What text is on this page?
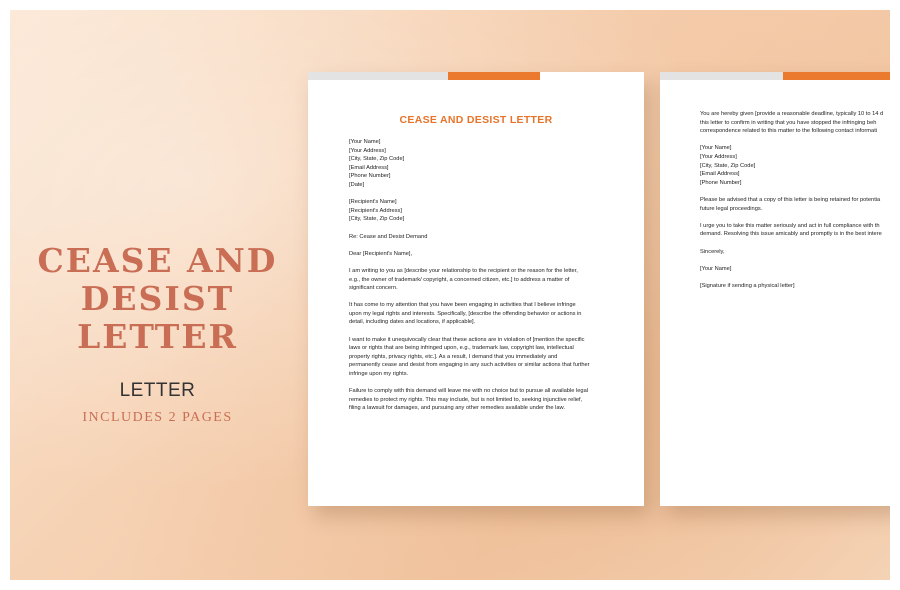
CEASE AND
DESIST LETTER
LETTER
INCLUDES 2 PAGES
CEASE AND DESIST LETTER
[Your Name]
[Your Address]
[City, State, Zip Code]
[Email Address]
[Phone Number]
[Date]
[Recipient's Name]
[Recipient's Address]
[City, State, Zip Code]
Re: Cease and Desist Demand
Dear [Recipient's Name],
I am writing to you as [describe your relationship to the recipient or the reason for the letter,
e.g., the owner of trademark/ copyright, a concerned citizen, etc.] to address a matter of
significant concern.
It has come to my attention that you have been engaging in activities that I believe infringe
upon my legal rights and interests. Specifically, [describe the offending behavior or actions in
detail, including dates and locations, if applicable].
I want to make it unequivocally clear that these actions are in violation of [mention the specific
laws or rights that are being infringed upon, e.g., trademark law, copyright law, intellectual
property rights, privacy rights, etc.]. As a result, I demand that you immediately and
permanently cease and desist from engaging in any such activities or similar actions that further
infringe upon my rights.
Failure to comply with this demand will leave me with no choice but to pursue all available legal
remedies to protect my rights. This may include, but is not limited to, seeking injunctive relief,
filing a lawsuit for damages, and pursuing any other remedies available under the law.
You are hereby given [provide a reasonable deadline, typically 10 to 14 d
this letter to confirm in writing that you have stopped the infringing beh
correspondence related to this matter to the following contact informati
[Your Name]
[Your Address]
[City, State, Zip Code]
[Email Address]
[Phone Number]
Please be advised that a copy of this letter is being retained for potentia
future legal proceedings.
I urge you to take this matter seriously and act in full compliance with th
demand. Resolving this issue amicably and promptly is in the best intere
Sincerely,
[Your Name]
[Signature if sending a physical letter]
